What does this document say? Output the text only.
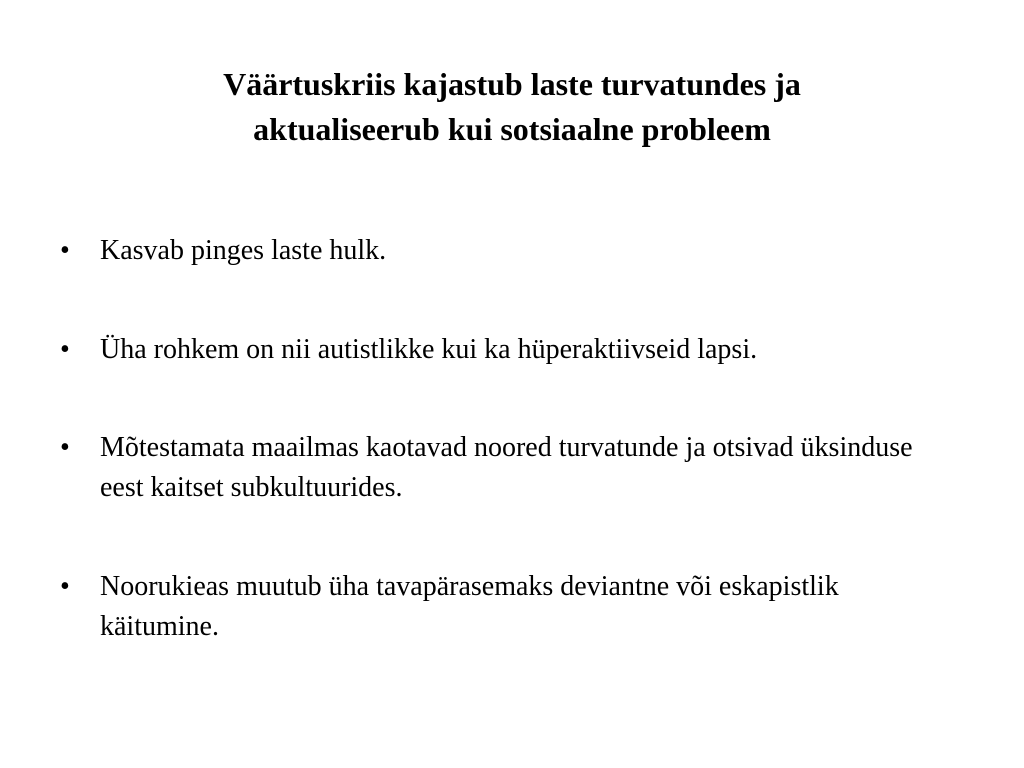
Väärtuskriis kajastub laste turvatundes ja
aktualiseerub kui sotsiaalne probleem
•	Kasvab pinges laste hulk.
•	Üha rohkem on nii autistlikke kui ka hüperaktiivseid lapsi.
•	Mõtestamata maailmas kaotavad noored turvatunde ja otsivad üksinduse eest kaitset subkultuurides.
•	Noorukieas muutub üha tavapärasemaks deviantne või eskapistlik käitumine.
